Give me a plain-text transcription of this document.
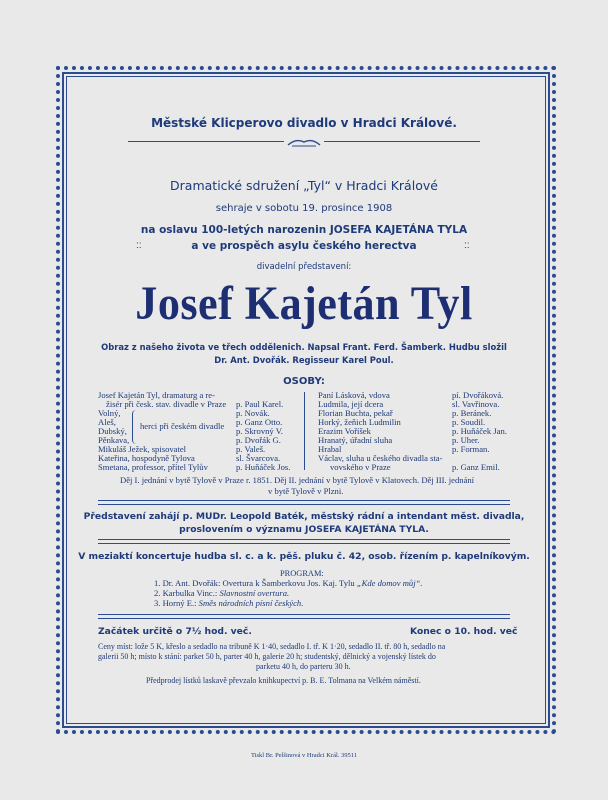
Městské Klicperovo divadlo v Hradci Králové.
Dramatické sdružení „Tyl“ v Hradci Králové
sehraje v sobotu 19. prosince 1908
na oslavu 100-letých narozenin JOSEFA KAJETÁNA TYLA
a ve prospěch asylu českého herectva
::	::
divadelní představení:
Josef Kajetán Tyl
Obraz z našeho života ve třech oddělenich. Napsal Frant. Ferd. Šamberk. Hudbu složil
Dr. Ant. Dvořák. Regisseur Karel Poul.
OSOBY:
Josef Kajetán Tyl, dramaturg a re-
žisér při česk. stav. divadle v Praze p. Paul Karel.
Volný,	p. Novák.
Aleš,	p. Ganz Otto.
Dubský,	p. Skrovný V.
Pěnkava,	p. Dvořák G.
Mikuláš Ježek, spisovatel	p. Valeš.
Kateřina, hospodyně Tylova	sl. Švarcova.
Smetana, professor, přítel Tylův	p. Huňáček Jos.
herci při českém divadle
Paní Lásková, vdova	pí. Dvořáková.
Ludmila, její dcera	sl. Vavřinova.
Florian Buchta, pekař	p. Beránek.
Horký, žeňich Ludmilin	p. Soudil.
Erazim Voříšek	p. Huňáček Jan.
Hranatý, úřadní sluha	p. Uher.
Hrabal	p. Forman.
Václav, sluha u českého divadla sta-
vovského v Praze	p. Ganz Emil.
Děj I. jednání v bytě Tylově v Praze r. 1851. Děj II. jednání v bytě Tylově v Klatovech. Děj III. jednání
v bytě Tylově v Plzni.
Představení zahájí p. MUDr. Leopold Baték, městský rádní a intendant měst. divadla,
proslovením o významu JOSEFA KAJETÁNA TYLA.
V meziaktí koncertuje hudba sl. c. a k. pěš. pluku č. 42, osob. řízením p. kapelníkovým.
PROGRAM:
1. Dr. Ant. Dvořák: Overtura k Šamberkovu Jos. Kaj. Tylu „Kde domov můj“.
2. Karbulka Vinc.: Slavnostní overtura.
3. Horný E.: Směs národních písní českých.
Začátek určitě o 7½ hod. več.	Konec o 10. hod. več
Ceny míst: lože 5 K, křeslo a sedadlo na tribuně K 1·40, sedadlo I. tř. K 1·20, sedadlo II. tř. 80 h, sedadlo na
galerii 50 h; místo k stání: parket 50 h, parter 40 h, galerie 20 h; studentský, dělnický a vojenský lístek do
parketu 40 h, do parteru 30 h.
Předprodej lístků laskavě převzalo knihkupectví p. B. E. Tolmana na Velkém náměstí.
Tiskl Br. Pelšinová v Hradci Král. 39511
